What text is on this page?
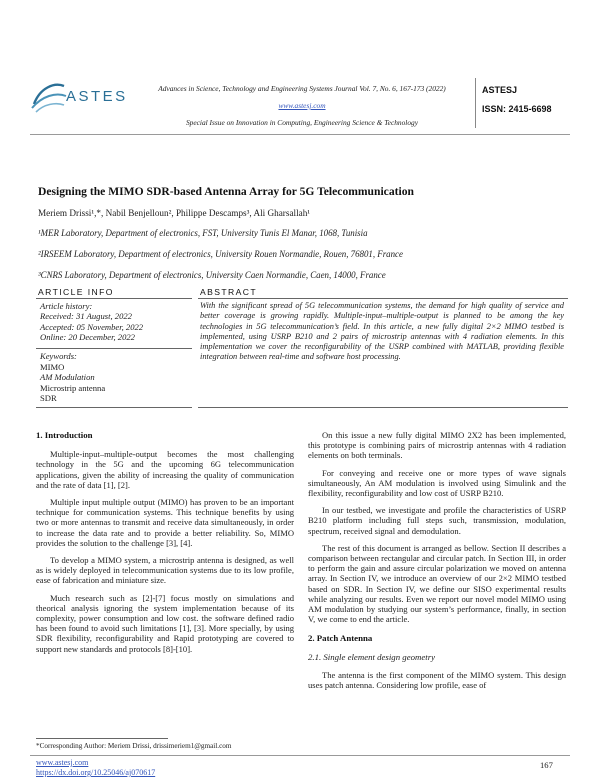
ASTES	Advances in Science, Technology and Engineering Systems Journal Vol. 7, No. 6, 167-173 (2022)
www.astesj.com
Special Issue on Innovation in Computing, Engineering Science & Technology
ASTESJ
ISSN: 2415-6698
Designing the MIMO SDR-based Antenna Array for 5G Telecommunication
Meriem Drissi¹,*, Nabil Benjelloun², Philippe Descamps³, Ali Gharsallah¹
¹MER Laboratory, Department of electronics, FST, University Tunis El Manar, 1068, Tunisia
²IRSEEM Laboratory, Department of electronics, University Rouen Normandie, Rouen, 76801, France
³CNRS Laboratory, Department of electronics, University Caen Normandie, Caen, 14000, France
ARTICLE INFO	ABSTRACT
Article history:
Received: 31 August, 2022
Accepted: 05 November, 2022
Online: 20 December, 2022
Keywords:
MIMO
AM Modulation
Microstrip antenna
SDR
With the significant spread of 5G telecommunication systems, the demand for high quality of service and better coverage is growing rapidly. Multiple-input–multiple-output is planned to be among the key technologies in 5G telecommunication’s field. In this article, a new fully digital 2×2 MIMO testbed is implemented, using USRP B210 and 2 pairs of microstrip antennas with 4 radiation elements. In this implementation we cover the reconfigurability of the USRP combined with MATLAB, providing flexible integration between real-time and software host processing.
1. Introduction

Multiple-input–multiple-output becomes the most challenging technology in the 5G and the upcoming 6G telecommunication applications, given the ability of increasing the quality of communication and the rate of data [1], [2].

Multiple input multiple output (MIMO) has proven to be an important technique for communication systems. This technique benefits by using two or more antennas to transmit and receive data simultaneously, in order to increase the data rate and to provide a better reliability. So, MIMO provides the solution to the challenge [3], [4].

To develop a MIMO system, a microstrip antenna is designed, as well as is widely deployed in telecommunication systems due to its low profile, ease of fabrication and miniature size.

Much research such as [2]-[7] focus mostly on simulations and theorical analysis ignoring the system implementation because of its complexity, power consumption and low cost. the software defined radio has been found to avoid such limitations [1], [3]. More specially, by using SDR flexibility, reconfigurability and Rapid prototyping are covered to support new standards and protocols [8]-[10].

On this issue a new fully digital MIMO 2X2 has been implemented, this prototype is combining pairs of microstrip antennas with 4 radiation elements on both terminals.

For conveying and receive one or more types of wave signals simultaneously, An AM modulation is involved using Simulink and the flexibility, reconfigurability and low cost of USRP B210.

In our testbed, we investigate and profile the characteristics of USRP B210 platform including full steps such, transmission, modulation, spectrum, received signal and demodulation.

The rest of this document is arranged as bellow. Section II describes a comparison between rectangular and circular patch. In Section III, in order to perform the gain and assure circular polarization we moved on antenna array. In Section IV, we introduce an overview of our 2×2 MIMO testbed based on SDR. In Section IV, we define our SISO experimental results while analyzing our results. Even we report our novel model MIMO using AM modulation by studying our system’s performance, finally, in section V, we come to end the article.

2. Patch Antenna
2.1. Single element design geometry

The antenna is the first component of the MIMO system. This design uses patch antenna. Considering low profile, ease of

*Corresponding Author: Meriem Drissi, drissimeriem1@gmail.com
www.astesj.com
https://dx.doi.org/10.25046/aj070617
167
